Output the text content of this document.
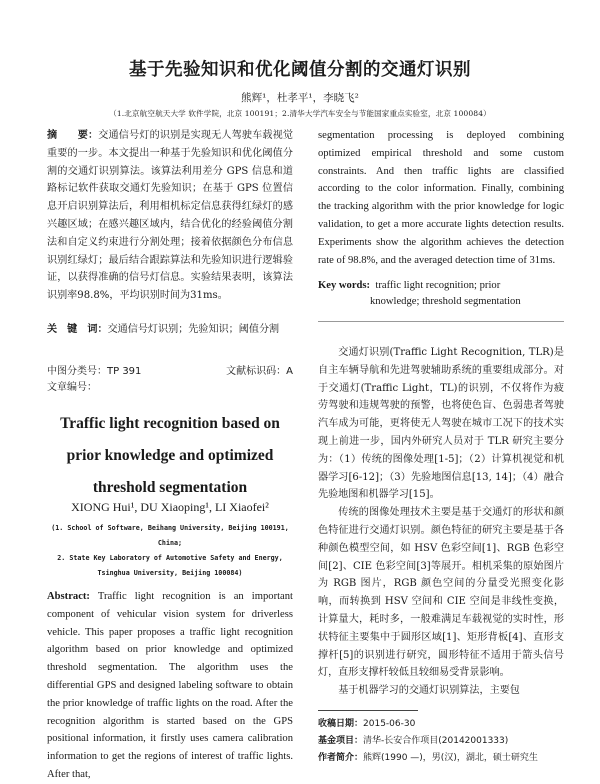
基于先验知识和优化阈值分割的交通灯识别
熊辉¹，杜孝平¹，李晓飞²
（1.北京航空航天大学 软件学院，北京 100191；2.清华大学汽车安全与节能国家重点实验室，北京 100084）

摘　　要：交通信号灯的识别是实现无人驾驶车载视觉重要的一步。本文提出一种基于先验知识和优化阈值分割的交通灯识别算法。该算法利用差分 GPS 信息和道路标记软件获取交通灯先验知识；在基于 GPS 位置信息开启识别算法后，利用相机标定信息获得红绿灯的感兴趣区域；在感兴趣区域内，结合优化的经验阈值分割法和自定义约束进行分割处理；接着依据颜色分布信息识别红绿灯；最后结合跟踪算法和先验知识进行逻辑验证，以获得准确的信号灯信息。实验结果表明，该算法识别率98.8%，平均识别时间为31ms。

关　键　词：交通信号灯识别；先验知识；阈值分割
中图分类号：TP 391	文献标识码：A
文章编号：
Traffic light recognition based on prior knowledge and optimized threshold segmentation
XIONG Hui¹, DU Xiaoping¹, LI Xiaofei²
(1. School of Software, Beihang University, Beijing 100191, China;
2. State Key Laboratory of Automotive Safety and Energy, Tsinghua University, Beijing 100084)

Abstract: Traffic light recognition is an important component of vehicular vision system for driverless vehicle. This paper proposes a traffic light recognition algorithm based on prior knowledge and optimized threshold segmentation. The algorithm uses the differential GPS and designed labeling software to obtain the prior knowledge of traffic lights on the road. After the recognition algorithm is started based on the GPS positional information, it firstly uses camera calibration information to get the regions of interest of traffic lights. After that,

segmentation processing is deployed combining optimized empirical threshold and some custom constraints. And then traffic lights are classified according to the color information. Finally, combining the tracking algorithm with the prior knowledge for logic validation, to get a more accurate lights detection results. Experiments show the algorithm achieves the detection rate of 98.8%, and the averaged detection time of 31ms.

Key words: traffic light recognition; prior
knowledge; threshold segmentation

交通灯识别(Traffic Light Recognition, TLR)是自主车辆导航和先进驾驶辅助系统的重要组成部分。对于交通灯(Traffic Light，TL)的识别，不仅将作为疲劳驾驶和违规驾驶的预警，也将使色盲、色弱患者驾驶汽车成为可能，更将使无人驾驶在城市工况下的技术实现上前进一步，国内外研究人员对于 TLR 研究主要分为：（1）传统的图像处理[1-5]；（2）计算机视觉和机器学习[6-12]；（3）先验地图信息[13, 14]；（4）融合先验地图和机器学习[15]。

传统的图像处理技术主要是基于交通灯的形状和颜色特征进行交通灯识别。颜色特征的研究主要是基于各种颜色模型空间，如 HSV 色彩空间[1]、RGB 色彩空间[2]、CIE 色彩空间[3]等展开。相机采集的原始图片为 RGB 图片，RGB 颜色空间的分量受光照变化影响，而转换到 HSV 空间和 CIE 空间是非线性变换，计算量大，耗时多，一般难满足车载视觉的实时性，形状特征主要集中于圆形区域[1]、矩形背板[4]、直形支撑杆[5]的识别进行研究，圆形特征不适用于箭头信号灯，直形支撑杆较低且较细易受背景影响。

基于机器学习的交通灯识别算法，主要包

收稿日期：2015-06-30
基金项目：清华-长安合作项目(20142001333)
作者简介：熊辉(1990 —)，男(汉)，湖北，硕士研究生
